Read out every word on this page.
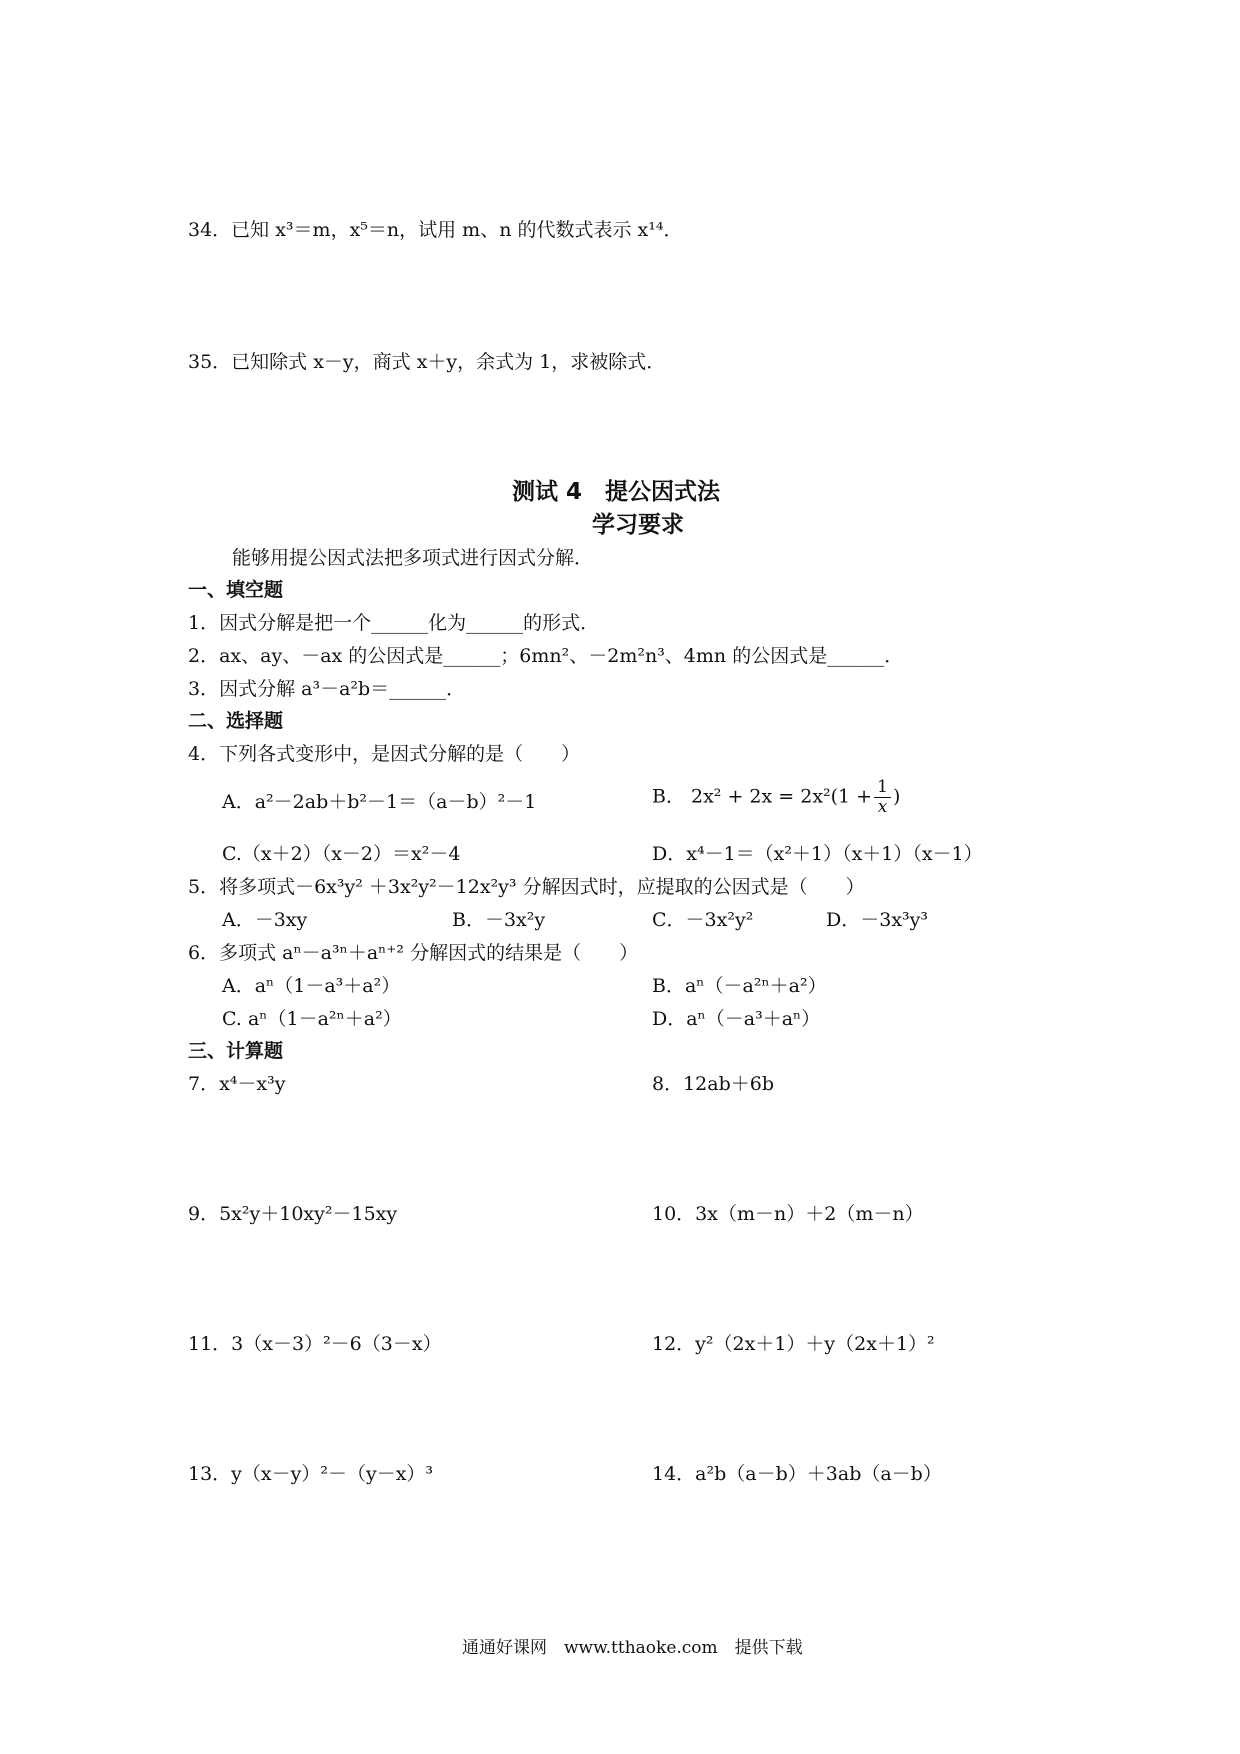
34．已知 x³＝m，x⁵＝n，试用 m、n 的代数式表示 x¹⁴．
35．已知除式 x－y，商式 x＋y，余式为 1，求被除式．
测试 4　提公因式法
学习要求
能够用提公因式法把多项式进行因式分解．
一、填空题
1．因式分解是把一个______化为______的形式．
2．ax、ay、－ax 的公因式是______；6mn²、－2m²n³、4mn 的公因式是______．
3．因式分解 a³－a²b＝______．
二、选择题
4．下列各式变形中，是因式分解的是（　　）
A．a²－2ab＋b²－1＝（a－b）²－1	B． $2x^2 + 2x = 2x^2(1 + \frac{1}{x}$ )
C.（x＋2）（x－2）＝x²－4	D．x⁴－1＝（x²＋1）（x＋1）（x－1）
5．将多项式－6x³y² ＋3x²y²－12x²y³ 分解因式时，应提取的公因式是（　　）
A．－3xy	B．－3x²y	C．－3x²y²	D．－3x³y³
6．多项式 aⁿ－a³ⁿ＋aⁿ⁺² 分解因式的结果是（　　）
A．aⁿ（1－a³＋a²）	B．aⁿ（－a²ⁿ＋a²）
C. aⁿ（1－a²ⁿ＋a²）	D．aⁿ（－a³＋aⁿ）
三、计算题
7．x⁴－x³y	8．12ab＋6b
9．5x²y＋10xy²－15xy	10．3x（m－n）＋2（m－n）
11．3（x－3）²－6（3－x）	12．y²（2x＋1）＋y（2x＋1）²
13．y（x－y）²－（y－x）³	14．a²b（a－b）＋3ab（a－b）
通通好课网　www.tthaoke.com　提供下载
